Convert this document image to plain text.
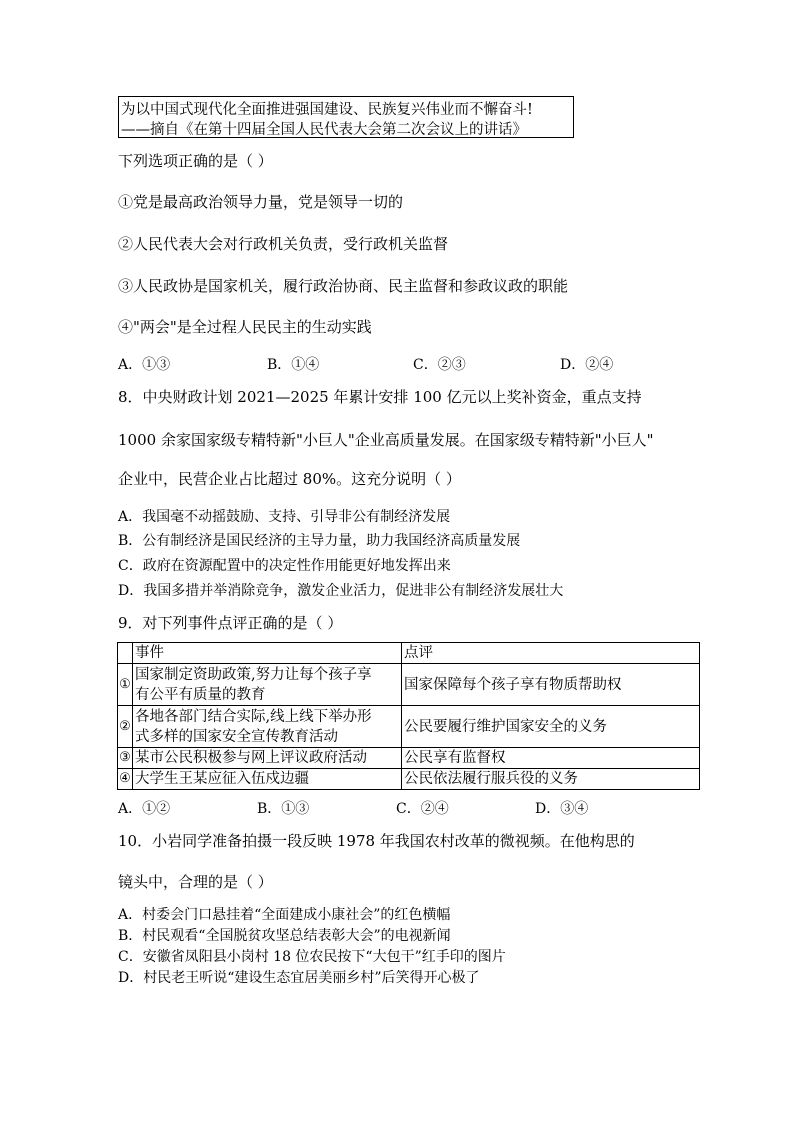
为以中国式现代化全面推进强国建设、民族复兴伟业而不懈奋斗!
——摘自《在第十四届全国人民代表大会第二次会议上的讲话》
下列选项正确的是（ ）
①党是最高政治领导力量，党是领导一切的
②人民代表大会对行政机关负责，受行政机关监督
③人民政协是国家机关，履行政治协商、民主监督和参政议政的职能
④"两会"是全过程人民民主的生动实践
A．①③	B．①④	C．②③	D．②④
8．中央财政计划 2021—2025 年累计安排 100 亿元以上奖补资金，重点支持
1000 余家国家级专精特新"小巨人"企业高质量发展。在国家级专精特新"小巨人"
企业中，民营企业占比超过 80%。这充分说明（ ）
A．我国毫不动摇鼓励、支持、引导非公有制经济发展
B．公有制经济是国民经济的主导力量，助力我国经济高质量发展
C．政府在资源配置中的决定性作用能更好地发挥出来
D．我国多措并举消除竞争，激发企业活力，促进非公有制经济发展壮大
9．对下列事件点评正确的是（ ）
	事件	点评
①	国家制定资助政策,努力让每个孩子享
有公平有质量的教育	国家保障每个孩子享有物质帮助权
②	各地各部门结合实际,线上线下举办形
式多样的国家安全宣传教育活动	公民要履行维护国家安全的义务
③	某市公民积极参与网上评议政府活动	公民享有监督权
④	大学生王某应征入伍戍边疆	公民依法履行服兵役的义务
A．①②	B．①③	C．②④	D．③④
10．小岩同学准备拍摄一段反映 1978 年我国农村改革的微视频。在他构思的
镜头中，合理的是（ ）
A．村委会门口悬挂着“全面建成小康社会”的红色横幅
B．村民观看“全国脱贫攻坚总结表彰大会”的电视新闻
C．安徽省凤阳县小岗村 18 位农民按下“大包干”红手印的图片
D．村民老王听说“建设生态宜居美丽乡村”后笑得开心极了
